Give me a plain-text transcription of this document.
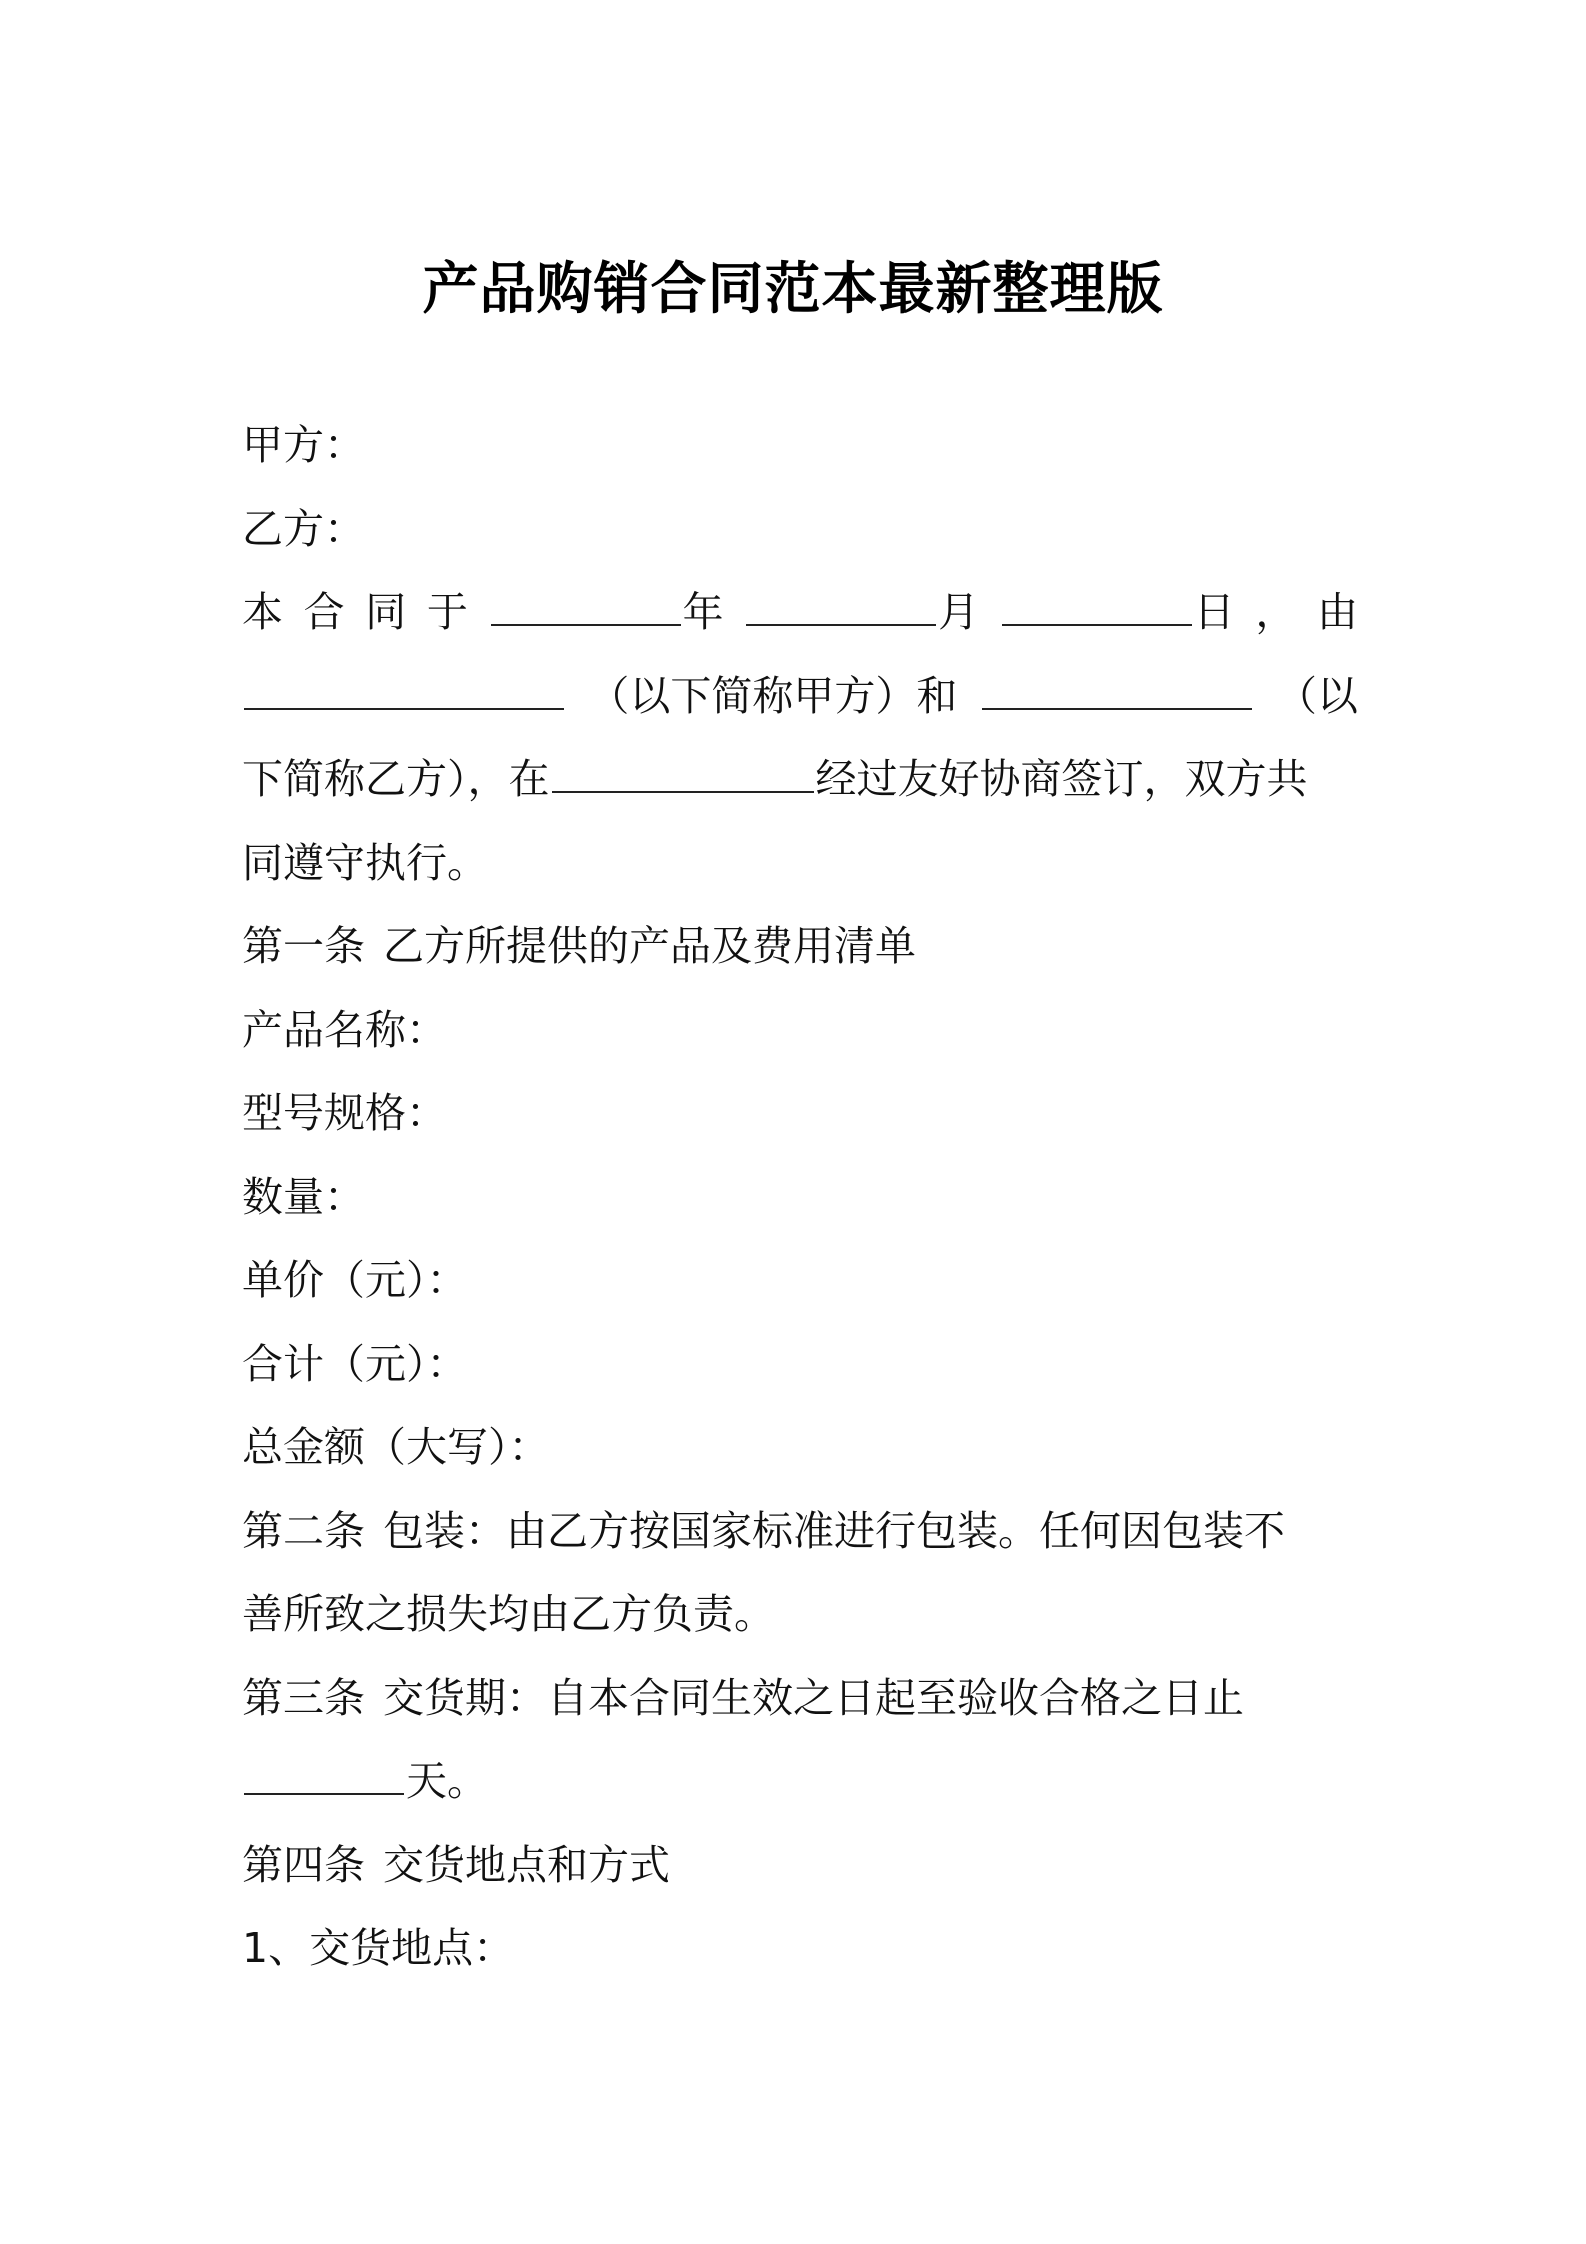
产品购销合同范本最新整理版
甲方：
乙方：
本 合 同 于	年	月	日 ， 由
（以下简称甲方）和	（以
下简称乙方），在	经过友好协商签订，双方共
同遵守执行。
第一条 乙方所提供的产品及费用清单
产品名称：
型号规格：
数量：
单价（元）：
合计（元）：
总金额（大写）：
第二条 包装：由乙方按国家标准进行包装。任何因包装不
善所致之损失均由乙方负责。
第三条 交货期：自本合同生效之日起至验收合格之日止
天。
第四条 交货地点和方式
1、交货地点：
